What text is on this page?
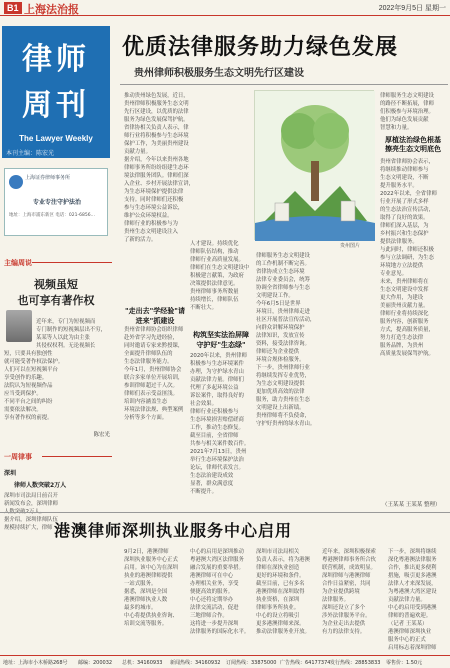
B1 上海法治报	2022年9月5日 星期一
律师
周刊
The Lawyer Weekly
本刊主编：陈宏光
上海证券律师事务所
专业专注守护法治
地址：上海市浦东新区 电话：021-6856...
主编周说
视频虽短
也可享有著作权
近年来，专门为短视频而
专门制作的短视频层出不穷，
某某等人以此为由主张
其侵权权利。无论视频长
短，只要具有独创性
就可能受著作权法保护。
人们可以在短视频平台
享受创作的乐趣。
法院认为短视频作品
应当受到保护。
不同平台之间的纠纷
需要依法解决。
享有著作权的前提。
陈宏光
一周律事
深圳
律师人数突破2万人
深圳市司法局日前召开
新闻发布会，深圳律师
据介绍，深圳律师队伍
规模持续扩大，律师
优质法律服务助力绿色发展
贵州律师积极服务生态文明先行区建设
贵州图片
推动贵州绿色发展，近日，
贵州律师积极服务生态文明
先行区建设，以优质的法律
服务为绿色发展保驾护航。
省律协相关负责人表示，律
师行业将积极参与生态环境
保护工作，为美丽贵州建设
贡献力量。
据介绍，今年以来贵州各地
律师事务所纷纷组建生态环
境法律服务团队。律师们深
入企业、乡村开展法律宣讲，
为生态环境保护提供法律
支持。同时律师们还积极
参与生态环境公益诉讼，
维护公众环境权益。
律师行业的积极参与为
贵州生态文明建设注入
了新的活力。
"走出去"学经验"请进来"抓建设
贵州省律师协会组织律师
赴外省学习先进经验，
同时邀请专家来黔授课，
全面提升律师队伍的
生态法律服务能力。
今年1月，贵州律师协会
联合多家单位开展培训，
参训律师超过千人次。
律师们表示受益匪浅。
培训内容涵盖生态
环境法律法规、典型案例
分析等多个方面。
人才建设。持续优化
律师队伍结构，推动
律师行业高质量发展。
律师们在生态文明建设中
积极建言献策，为政府
决策提供法律意见。
贵州律师事务所数量
持续增长，律师队伍
不断壮大。
构筑坚实法治屏障守护好"生态绿"
2020年以来，贵州律师
积极参与生态环境案件
办理，为守护绿水青山
贡献法律力量。律师们
代理了多起环境公益
诉讼案件，取得良好的
社会效果。
律师行业还积极参与
生态环境损害赔偿磋商
工作，推动生态修复。
截至目前，全省律师
共参与相关案件数百件。
2021年7月13日，贵州
举行生态环境保护法治
论坛，律师代表发言。
生态法治建设成效
显著，群众满意度
不断提升。
律师服务生态文明建设
的工作机制不断完善。
省律协成立生态环境
法律专业委员会，统筹
协调全省律师参与生态
文明建设工作。
今年6月5日是世界
环境日，贵州律师走进
社区开展普法宣传活动，
向群众讲解环境保护
法律知识，发放宣传
资料，接受法律咨询。
律师还为企业提供
环境合规体检服务。
下一步，贵州律师行业
将继续发挥专业优势，
为生态文明建设提供
更加优质高效的法律
服务，助力贵州在生态
文明建设上出新绩。
贵州律师将不负使命，
守护好贵州的绿水青山。
律师服务生态文明建设
的路径不断拓展，律师
们积极参与环境治理。
他们为绿色发展贡献
智慧和力量。
厚植法治绿色根基
擦亮生态文明底色
贵州省律师协会表示，
将继续推动律师参与
生态文明建设，不断
提升服务水平。
2022年以来，全省律师
行业开展了形式多样
的生态法治宣传活动，
取得了良好的效果。
律师们深入基层，为
乡村振兴和生态保护
提供法律服务。
与此同时，律师还积极
参与立法调研，为生态
环境地方立法提供
专业意见。
未来，贵州律师将在
生态文明建设中发挥
更大作用，为建设
美丽贵州贡献力量。
律师行业将持续深化
服务内容，创新服务
方式，提高服务质量，
努力打造生态法律
服务品牌，为贵州
高质量发展保驾护航。
（王某某 王某某 整理）
港澳律师深圳执业服务中心启用
9月2日，港澳律师
深圳执业服务中心正式
启用。该中心为在深圳
执业的港澳律师提供
一站式服务。
据悉，深圳是全国
港澳律师执业人数
最多的城市。
中心将提供执业咨询、
培训交流等服务。
中心的启用是深圳推动
粤港澳大湾区法律服务
融合发展的重要举措。
港澳律师可在中心
办理相关业务，享受
便捷高效的服务。
中心还将定期举办
法律交流活动，促进
三地律师合作。
这将进一步提升深圳
法律服务的国际化水平。
深圳市司法局相关
负责人表示，将为港澳
律师在深执业创造
更好的环境和条件。
截至目前，已有多名
港澳律师在深圳取得
执业资格，在深圳
律师事务所执业。
中心的设立将吸引
更多港澳律师来深。
推动法律服务业开放。
近年来，深圳积极探索
粤港澳律师事务所合伙
联营机制，成效明显。
深圳律师与港澳律师
合作日益紧密，共同
为企业提供跨境
法律服务。
深圳还设立了多个
涉外法律服务平台。
为企业走出去提供
有力的法律支持。
下一步，深圳将继续
深化粤港澳法律服务
合作，推出更多便利
措施，吸引更多港澳
法律人才来深发展，
为粤港澳大湾区建设
贡献法律力量。
中心的启用受到港澳
律师的普遍欢迎。
（记者 王某某）
港澳律师深圳执业
服务中心的正式
启用标志着深圳律师
地址：上海市小木桥路268号 邮编：200032 总机：34160933 新闻热线：34160932 订阅热线：33875000 广告热线：64177374 发行热线：28853833 零售价：1.50元
